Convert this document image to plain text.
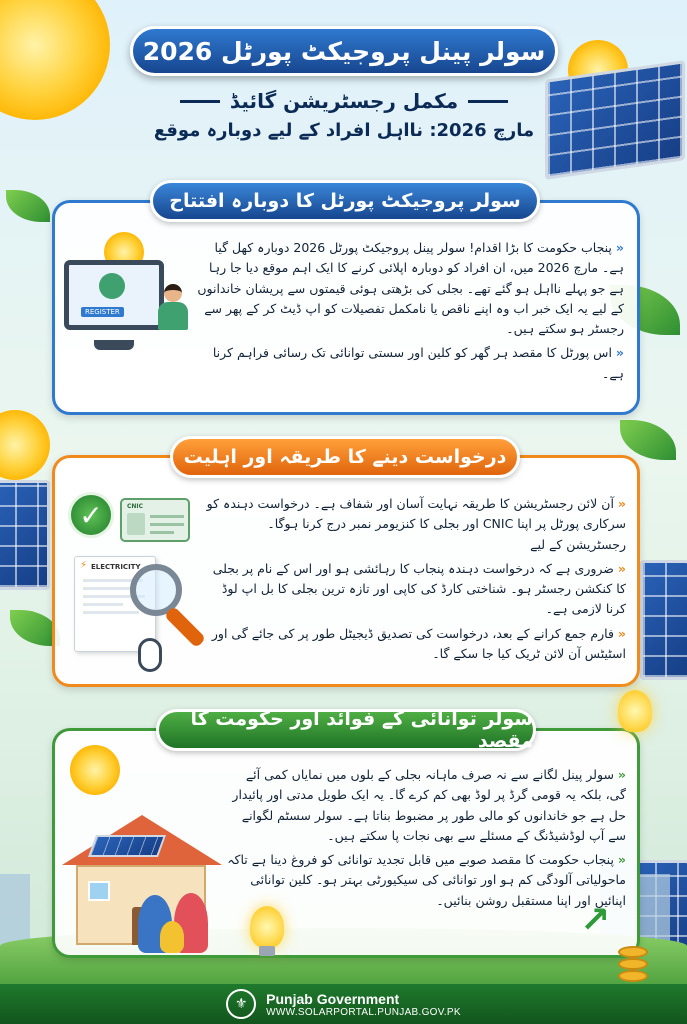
سولر پینل پروجیکٹ پورٹل 2026
مکمل رجسٹریشن گائیڈ
مارچ 2026: نااہل افراد کے لیے دوبارہ موقع
سولر پروجیکٹ پورٹل کا دوبارہ افتتاح
REGISTER

«پنجاب حکومت کا بڑا اقدام! سولر پینل پروجیکٹ پورٹل 2026 دوبارہ کھل گیا ہے۔ مارچ 2026 میں، ان افراد کو دوبارہ اپلائی کرنے کا ایک اہم موقع دیا جا رہا ہے جو پہلے نااہل ہو گئے تھے۔ بجلی کی بڑھتی ہوئی قیمتوں سے پریشان خاندانوں کے لیے یہ ایک خبر اب وہ اپنے ناقص یا نامکمل تفصیلات کو اپ ڈیٹ کر کے پھر سے رجسٹر ہو سکتے ہیں۔

«اس پورٹل کا مقصد ہر گھر کو کلین اور سستی توانائی تک رسائی فراہم کرنا ہے۔

درخواست دینے کا طریقہ اور اہلیت
✓	CNIC
ELECTRICITY
⚡

«آن لائن رجسٹریشن کا طریقہ نہایت آسان اور شفاف ہے۔ درخواست دہندہ کو سرکاری پورٹل پر اپنا CNIC اور بجلی کا کنزیومر نمبر درج کرنا ہوگا۔ رجسٹریشن کے لیے

«ضروری ہے کہ درخواست دہندہ پنجاب کا رہائشی ہو اور اس کے نام پر بجلی کا کنکشن رجسٹر ہو۔ شناختی کارڈ کی کاپی اور تازہ ترین بجلی کا بل اپ لوڈ کرنا لازمی ہے۔

«فارم جمع کرانے کے بعد، درخواست کی تصدیق ڈیجیٹل طور پر کی جائے گی اور اسٹیٹس آن لائن ٹریک کیا جا سکے گا۔

سولر توانائی کے فوائد اور حکومت کا مقصد

«سولر پینل لگانے سے نہ صرف ماہانہ بجلی کے بلوں میں نمایاں کمی آئے گی، بلکہ یہ قومی گرڈ پر لوڈ بھی کم کرے گا۔ یہ ایک طویل مدتی اور پائیدار حل ہے جو خاندانوں کو مالی طور پر مضبوط بناتا ہے۔ سولر سسٹم لگوانے سے آپ لوڈشیڈنگ کے مسئلے سے بھی نجات پا سکتے ہیں۔

«پنجاب حکومت کا مقصد صوبے میں قابل تجدید توانائی کو فروغ دینا ہے تاکہ ماحولیاتی آلودگی کم ہو اور توانائی کی سیکیورٹی بہتر ہو۔ کلین توانائی اپنائیں اور اپنا مستقبل روشن بنائیں۔

↗
⚜	Punjab Government
WWW.SOLARPORTAL.PUNJAB.GOV.PK
